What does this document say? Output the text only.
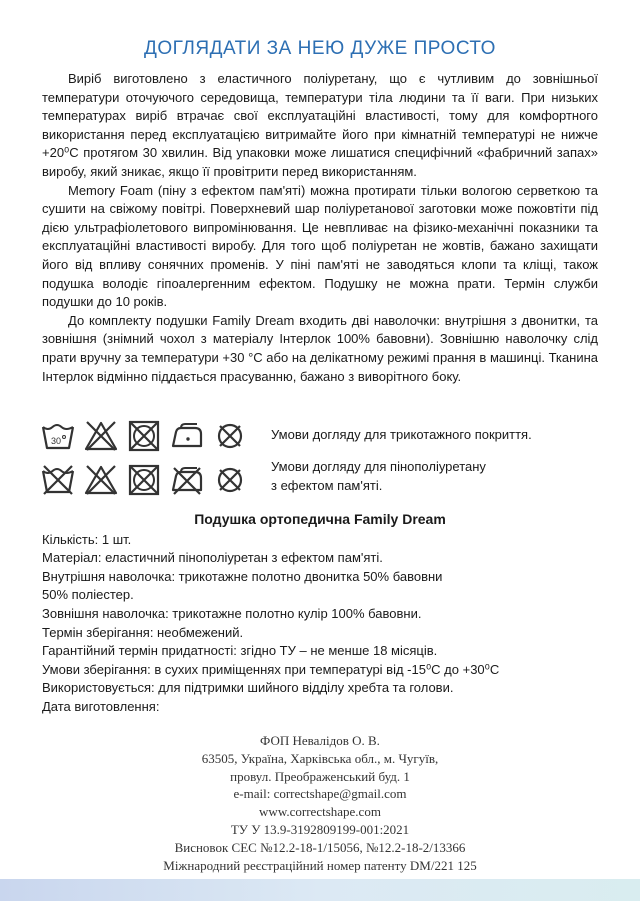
ДОГЛЯДАТИ ЗА НЕЮ ДУЖЕ ПРОСТО

Виріб виготовлено з еластичного поліуретану, що є чутливим до зовнішньої температури оточуючого середовища, температури тіла людини та її ваги. При низьких температурах виріб втрачає свої експлуатаційні властивості, тому для комфортного використання перед експлуатацією витримайте його при кімнатній температурі не нижче +20⁰С протягом 30 хвилин. Від упаковки може лишатися специфічний «фабричний запах» виробу, який зникає, якщо її провітрити перед використанням.

Memory Foam (піну з ефектом пам'яті) можна протирати тільки вологою серветкою та сушити на свіжому повітрі. Поверхневий шар поліуретанової заготовки може пожовтіти під дією ультрафіолетового випромінювання. Це невпливає на фізико-механічні показники та експлуатаційні властивості виробу. Для того щоб поліуретан не жовтів, бажано захищати його від впливу сонячних променів. У піні пам'яті не заводяться клопи та кліщі, також подушка володіє гіпоалергенним ефектом. Подушку не можна прати. Термін служби подушки до 10 років.

До комплекту подушки Family Dream входить дві наволочки: внутрішня з двонитки, та зовнішня (знімний чохол з матеріалу Інтерлок 100% бавовни). Зовнішню наволочку слід прати вручну за температури +30 °С або на делікатному режимі прання в машинці. Тканина Інтерлок відмінно піддається прасуванню, бажано з виворітного боку.

30	Умови догляду для трикотажного покриття.
Умови догляду для пінополіуретану
з ефектом пам'яті.
Подушка ортопедична Family Dream
Кількість: 1 шт.
Матеріал: еластичний пінополіуретан з ефектом пам'яті.
Внутрішня наволочка: трикотажне полотно двонитка 50% бавовни
50% поліестер.
Зовнішня наволочка: трикотажне полотно кулір 100% бавовни.
Термін зберігання: необмежений.
Гарантійний термін придатності: згідно ТУ – не менше 18 місяців.
Умови зберігання: в сухих приміщеннях при температурі від -15⁰С до +30⁰С
Використовується: для підтримки шийного відділу хребта та голови.
Дата виготовлення:
ФОП Невалідов О. В.
63505, Україна, Харківська обл., м. Чугуїв,
провул. Преображенський буд. 1
e-mail: correctshape@gmail.com
www.correctshape.com
ТУ У 13.9-3192809199-001:2021
Висновок СЕС №12.2-18-1/15056, №12.2-18-2/13366
Міжнародний реєстраційний номер патенту DM/221 125
